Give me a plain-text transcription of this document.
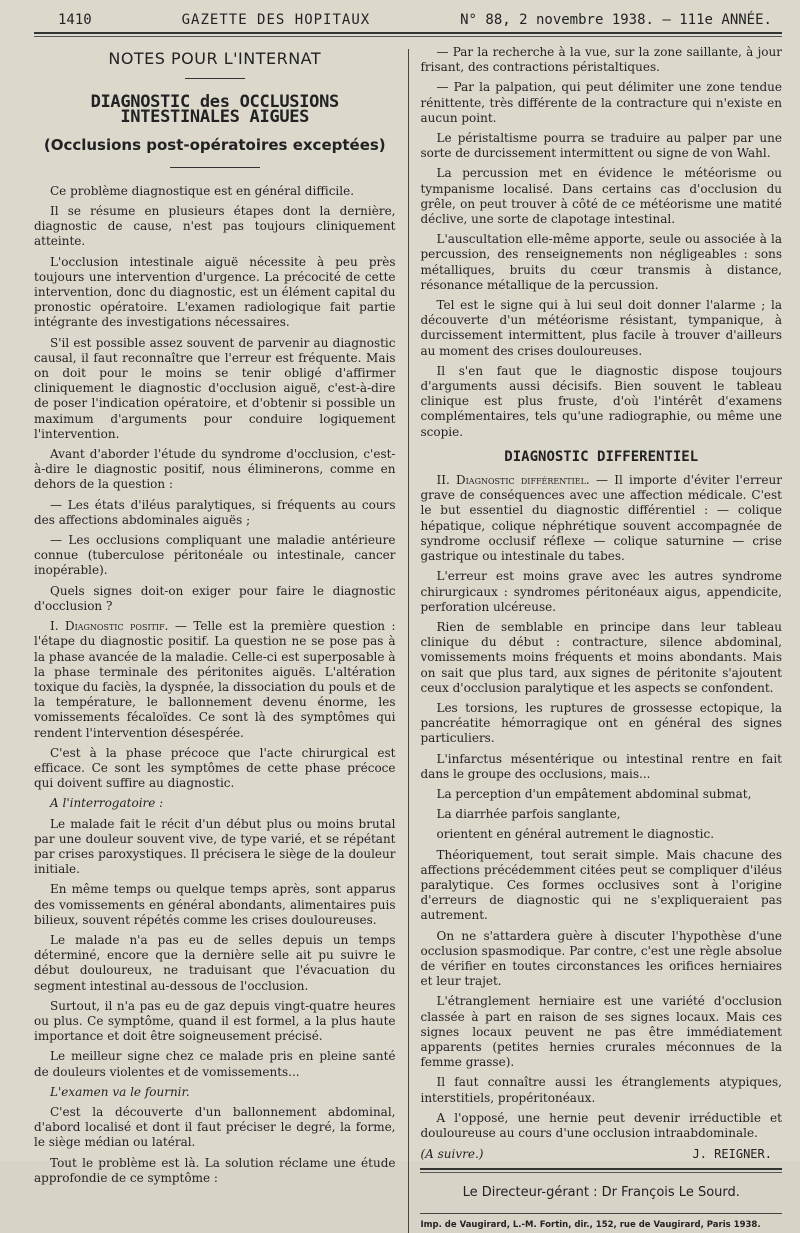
1410	GAZETTE DES HOPITAUX	N° 88, 2 novembre 1938. — 111e ANNÉE.
NOTES POUR L'INTERNAT
DIAGNOSTIC des OCCLUSIONS INTESTINALES AIGUES
(Occlusions post-opératoires exceptées)

Ce problème diagnostique est en général difficile.

Il se résume en plusieurs étapes dont la dernière, diagnostic de cause, n'est pas toujours cliniquement atteinte.

L'occlusion intestinale aiguë nécessite à peu près toujours une intervention d'urgence. La précocité de cette intervention, donc du diagnostic, est un élément capital du pronostic opératoire. L'examen radiologique fait partie intégrante des investigations nécessaires.

S'il est possible assez souvent de parvenir au diagnostic causal, il faut reconnaître que l'erreur est fréquente. Mais on doit pour le moins se tenir obligé d'affirmer cliniquement le diagnostic d'occlusion aiguë, c'est-à-dire de poser l'indication opératoire, et d'obtenir si possible un maximum d'arguments pour conduire logiquement l'intervention.

Avant d'aborder l'étude du syndrome d'occlusion, c'est-à-dire le diagnostic positif, nous éliminerons, comme en dehors de la question :

— Les états d'iléus paralytiques, si fréquents au cours des affections abdominales aiguës ;

— Les occlusions compliquant une maladie antérieure connue (tuberculose péritonéale ou intestinale, cancer inopérable).

Quels signes doit-on exiger pour faire le diagnostic d'occlusion ?

I. Diagnostic positif. — Telle est la première question : l'étape du diagnostic positif. La question ne se pose pas à la phase avancée de la maladie. Celle-ci est superposable à la phase terminale des péritonites aiguës. L'altération toxique du faciès, la dyspnée, la dissociation du pouls et de la température, le ballonnement devenu énorme, les vomissements fécaloïdes. Ce sont là des symptômes qui rendent l'intervention désespérée.

C'est à la phase précoce que l'acte chirurgical est efficace. Ce sont les symptômes de cette phase précoce qui doivent suffire au diagnostic.

A l'interrogatoire :

Le malade fait le récit d'un début plus ou moins brutal par une douleur souvent vive, de type varié, et se répétant par crises paroxystiques. Il précisera le siège de la douleur initiale.

En même temps ou quelque temps après, sont apparus des vomissements en général abondants, alimentaires puis bilieux, souvent répétés comme les crises douloureuses.

Le malade n'a pas eu de selles depuis un temps déterminé, encore que la dernière selle ait pu suivre le début douloureux, ne traduisant que l'évacuation du segment intestinal au-dessous de l'occlusion.

Surtout, il n'a pas eu de gaz depuis vingt-quatre heures ou plus. Ce symptôme, quand il est formel, a la plus haute importance et doit être soigneusement précisé.

Le meilleur signe chez ce malade pris en pleine santé de douleurs violentes et de vomissements...

L'examen va le fournir.

C'est la découverte d'un ballonnement abdominal, d'abord localisé et dont il faut préciser le degré, la forme, le siège médian ou latéral.

Tout le problème est là. La solution réclame une étude approfondie de ce symptôme :

— Par la recherche à la vue, sur la zone saillante, à jour frisant, des contractions péristaltiques.

— Par la palpation, qui peut délimiter une zone tendue rénittente, très différente de la contracture qui n'existe en aucun point.

Le péristaltisme pourra se traduire au palper par une sorte de durcissement intermittent ou signe de von Wahl.

La percussion met en évidence le météorisme ou tympanisme localisé. Dans certains cas d'occlusion du grêle, on peut trouver à côté de ce météorisme une matité déclive, une sorte de clapotage intestinal.

L'auscultation elle-même apporte, seule ou associée à la percussion, des renseignements non négligeables : sons métalliques, bruits du cœur transmis à distance, résonance métallique de la percussion.

Tel est le signe qui à lui seul doit donner l'alarme ; la découverte d'un météorisme résistant, tympanique, à durcissement intermittent, plus facile à trouver d'ailleurs au moment des crises douloureuses.

Il s'en faut que le diagnostic dispose toujours d'arguments aussi décisifs. Bien souvent le tableau clinique est plus fruste, d'où l'intérêt d'examens complémentaires, tels qu'une radiographie, ou même une scopie.

DIAGNOSTIC DIFFERENTIEL

II. Diagnostic différentiel. — Il importe d'éviter l'erreur grave de conséquences avec une affection médicale. C'est le but essentiel du diagnostic différentiel : — colique hépatique, colique néphrétique souvent accompagnée de syndrome occlusif réflexe — colique saturnine — crise gastrique ou intestinale du tabes.

L'erreur est moins grave avec les autres syndrome chirurgicaux : syndromes péritonéaux aigus, appendicite, perforation ulcéreuse.

Rien de semblable en principe dans leur tableau clinique du début : contracture, silence abdominal, vomissements moins fréquents et moins abondants. Mais on sait que plus tard, aux signes de péritonite s'ajoutent ceux d'occlusion paralytique et les aspects se confondent.

Les torsions, les ruptures de grossesse ectopique, la pancréatite hémorragique ont en général des signes particuliers.

L'infarctus mésentérique ou intestinal rentre en fait dans le groupe des occlusions, mais...

La perception d'un empâtement abdominal submat,

La diarrhée parfois sanglante,

orientent en général autrement le diagnostic.

Théoriquement, tout serait simple. Mais chacune des affections précédemment citées peut se compliquer d'iléus paralytique. Ces formes occlusives sont à l'origine d'erreurs de diagnostic qui ne s'expliqueraient pas autrement.

On ne s'attardera guère à discuter l'hypothèse d'une occlusion spasmodique. Par contre, c'est une règle absolue de vérifier en toutes circonstances les orifices herniaires et leur trajet.

L'étranglement herniaire est une variété d'occlusion classée à part en raison de ses signes locaux. Mais ces signes locaux peuvent ne pas être immédiatement apparents (petites hernies crurales méconnues de la femme grasse).

Il faut connaître aussi les étranglements atypiques, interstitiels, propéritonéaux.

A l'opposé, une hernie peut devenir irréductible et douloureuse au cours d'une occlusion intraabdominale.

(A suivre.)	J. REIGNER.
Le Directeur-gérant : Dr François Le Sourd.
Imp. de Vaugirard, L.-M. Fortin, dir., 152, rue de Vaugirard, Paris 1938.
